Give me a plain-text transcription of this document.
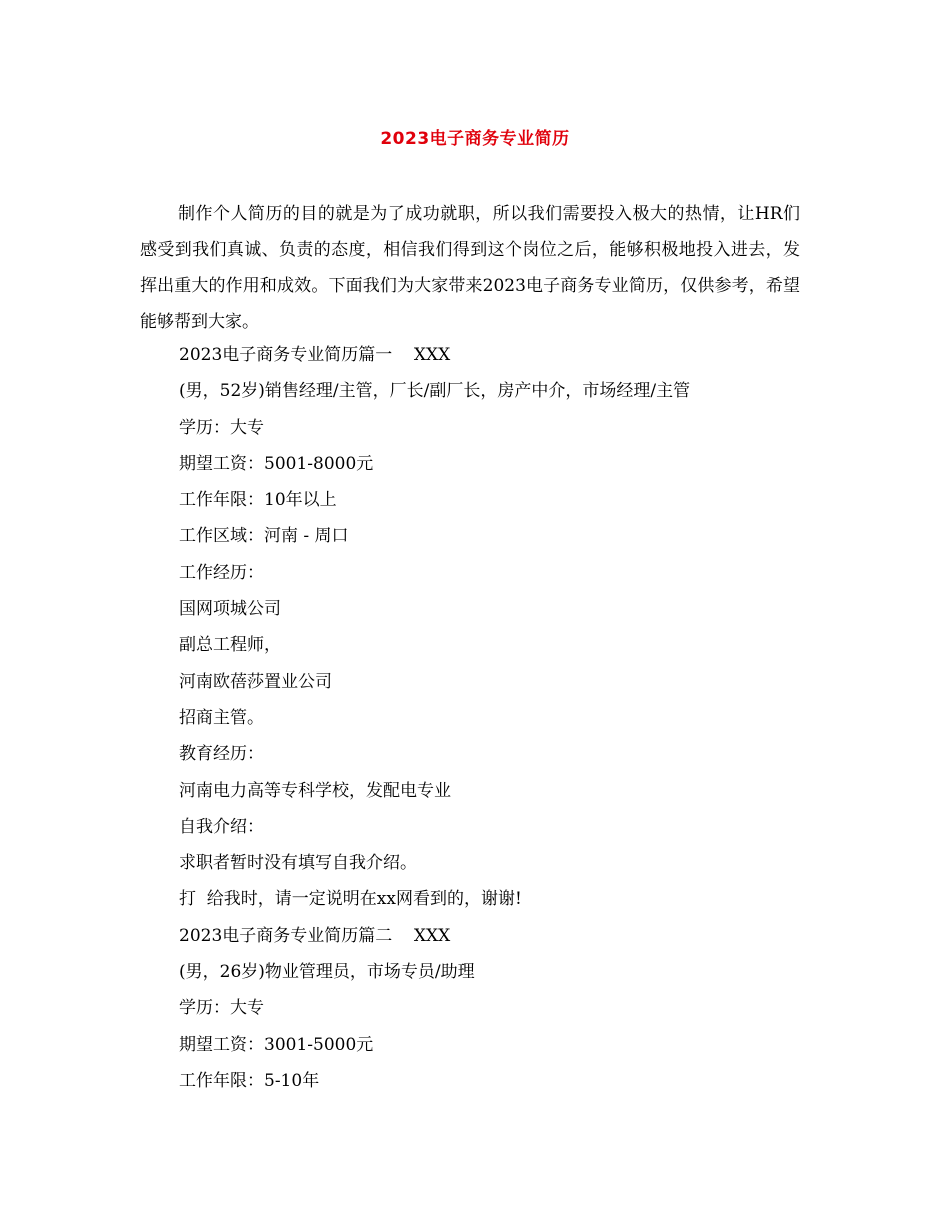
2023电子商务专业简历

制作个人简历的目的就是为了成功就职，所以我们需要投入极大的热情，让HR们感受到我们真诚、负责的态度，相信我们得到这个岗位之后，能够积极地投入进去，发挥出重大的作用和成效。下面我们为大家带来2023电子商务专业简历，仅供参考，希望能够帮到大家。

2023电子商务专业简历篇一    XXX
(男，52岁)销售经理/主管，厂长/副厂长，房产中介，市场经理/主管
学历：大专
期望工资：5001-8000元
工作年限：10年以上
工作区域：河南 - 周口
工作经历：
国网项城公司
副总工程师，
河南欧蓓莎置业公司
招商主管。
教育经历：
河南电力高等专科学校，发配电专业
自我介绍：
求职者暂时没有填写自我介绍。
打  给我时，请一定说明在xx网看到的，谢谢!
2023电子商务专业简历篇二    XXX
(男，26岁)物业管理员，市场专员/助理
学历：大专
期望工资：3001-5000元
工作年限：5-10年
